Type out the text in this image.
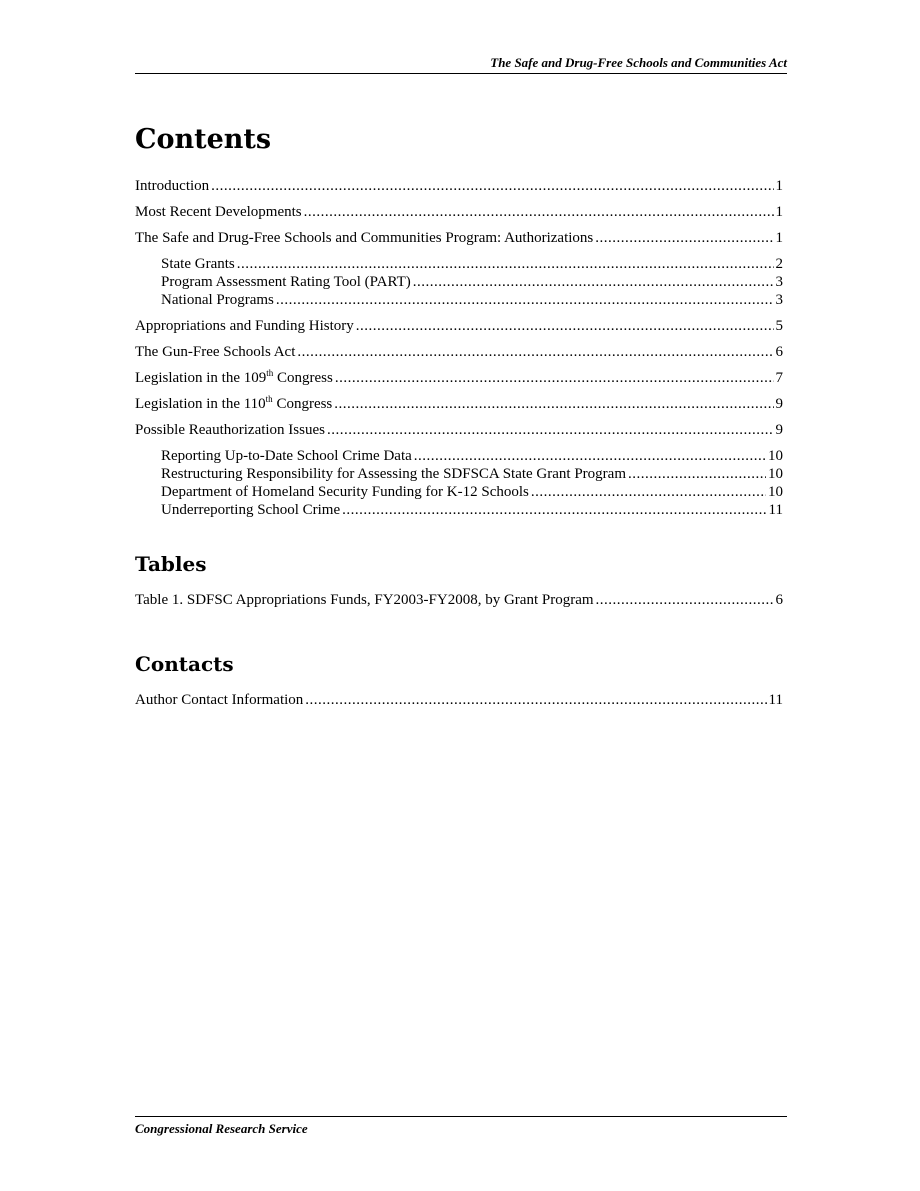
The Safe and Drug-Free Schools and Communities Act
Contents
Introduction .....	1
Most Recent Developments .....	1
The Safe and Drug-Free Schools and Communities Program: Authorizations .....	1
State Grants .....	2
Program Assessment Rating Tool (PART) .....	3
National Programs .....	3
Appropriations and Funding History .....	5
The Gun-Free Schools Act .....	6
Legislation in the 109th Congress .....	7
Legislation in the 110th Congress .....	9
Possible Reauthorization Issues .....	9
Reporting Up-to-Date School Crime Data .....	10
Restructuring Responsibility for Assessing the SDFSCA State Grant Program .....	10
Department of Homeland Security Funding for K-12 Schools .....	10
Underreporting School Crime .....	11
Tables
Table 1. SDFSC Appropriations Funds, FY2003-FY2008, by Grant Program .....	6
Contacts
Author Contact Information .....	11
Congressional Research Service
